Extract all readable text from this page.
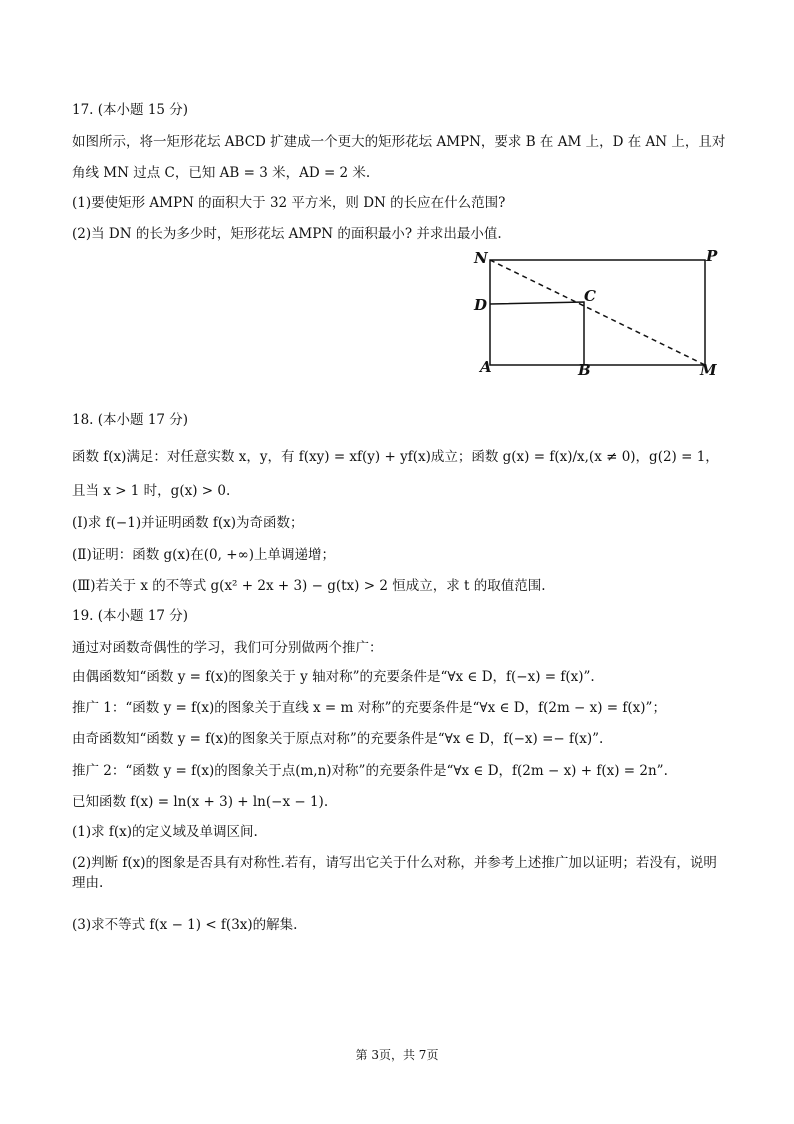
17. (本小题 15 分)
如图所示，将一矩形花坛 ABCD 扩建成一个更大的矩形花坛 AMPN，要求 B 在 AM 上，D 在 AN 上，且对
角线 MN 过点 C，已知 AB = 3 米，AD = 2 米.
(1)要使矩形 AMPN 的面积大于 32 平方米，则 DN 的长应在什么范围?
(2)当 DN 的长为多少时，矩形花坛 AMPN 的面积最小? 并求出最小值.
N	P
D	C
A	B	M
18. (本小题 17 分)
函数 f(x)满足：对任意实数 x，y，有 f(xy) = xf(y) + yf(x)成立；函数 g(x) = f(x)/x,(x ≠ 0)，g(2) = 1，
且当 x > 1 时，g(x) > 0.
(Ⅰ)求 f(−1)并证明函数 f(x)为奇函数；
(Ⅱ)证明：函数 g(x)在(0, +∞)上单调递增；
(Ⅲ)若关于 x 的不等式 g(x² + 2x + 3) − g(tx) > 2 恒成立，求 t 的取值范围.
19. (本小题 17 分)
通过对函数奇偶性的学习，我们可分别做两个推广：
由偶函数知“函数 y = f(x)的图象关于 y 轴对称”的充要条件是“∀x ∈ D，f(−x) = f(x)”.
推广 1：“函数 y = f(x)的图象关于直线 x = m 对称”的充要条件是“∀x ∈ D，f(2m − x) = f(x)”；
由奇函数知“函数 y = f(x)的图象关于原点对称”的充要条件是“∀x ∈ D，f(−x) =− f(x)”.
推广 2：“函数 y = f(x)的图象关于点(m,n)对称”的充要条件是“∀x ∈ D，f(2m − x) + f(x) = 2n”.
已知函数 f(x) = ln(x + 3) + ln(−x − 1).
(1)求 f(x)的定义域及单调区间.
(2)判断 f(x)的图象是否具有对称性.若有，请写出它关于什么对称，并参考上述推广加以证明；若没有，说明理由.
(3)求不等式 f(x − 1) < f(3x)的解集.
第 3页，共 7页
